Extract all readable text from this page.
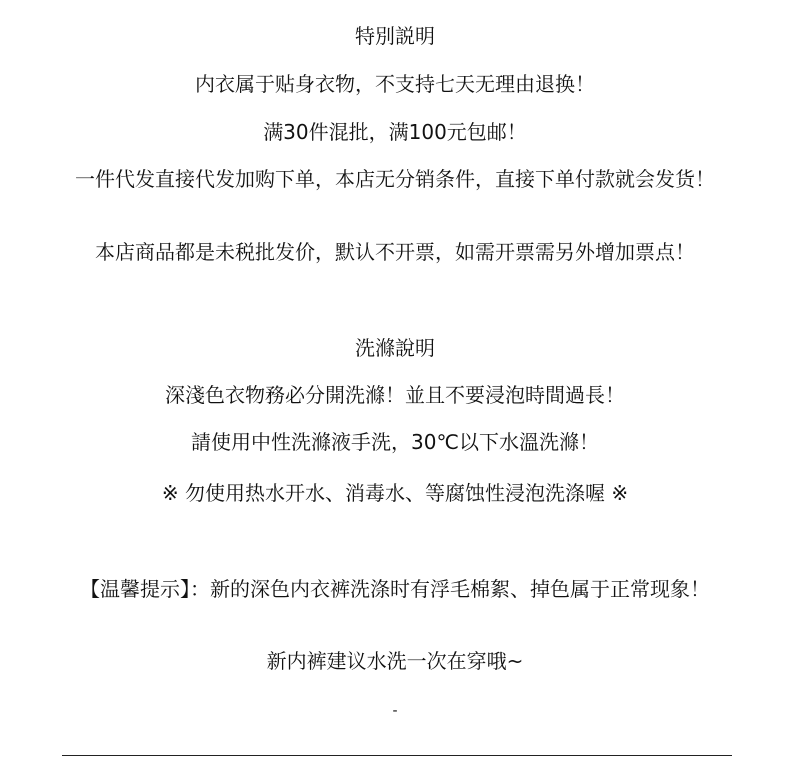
特別説明
内衣属于贴身衣物，不支持七天无理由退换！
满30件混批，满100元包邮！
一件代发直接代发加购下单，本店无分销条件，直接下单付款就会发货！
本店商品都是未税批发价，默认不开票，如需开票需另外增加票点！
洗滌說明
深淺色衣物務必分開洗滌！並且不要浸泡時間過長！
請使用中性洗滌液手洗，30℃以下水溫洗滌！
※ 勿使用热水开水、消毒水、等腐蚀性浸泡洗涤喔 ※
【温馨提示】：新的深色内衣裤洗涤时有浮毛棉絮、掉色属于正常现象！
新内裤建议水洗一次在穿哦~
-
